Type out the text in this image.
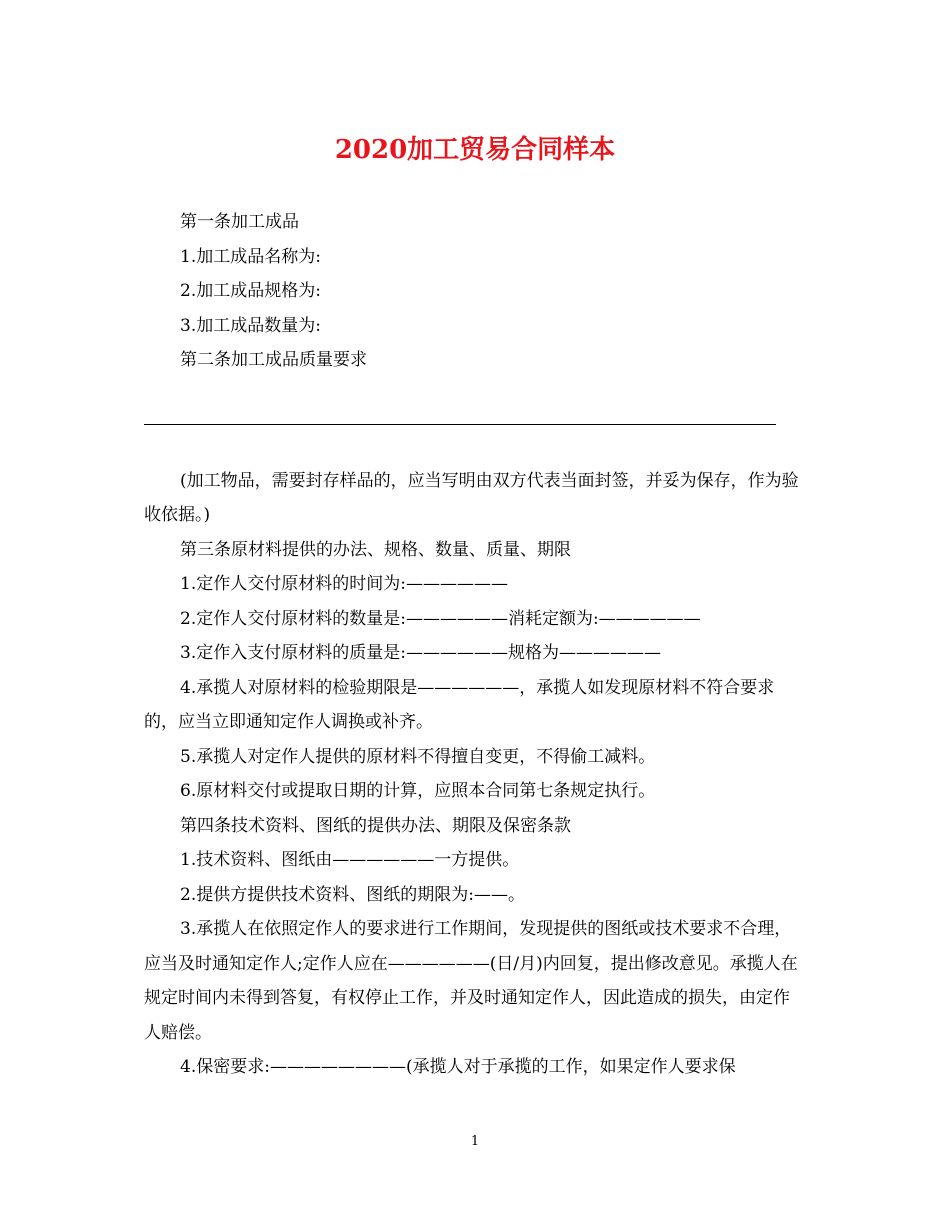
2020加工贸易合同样本

第一条加工成品

1.加工成品名称为:

2.加工成品规格为:

3.加工成品数量为:

第二条加工成品质量要求

(加工物品，需要封存样品的，应当写明由双方代表当面封签，并妥为保存，作为验收依据。)

第三条原材料提供的办法、规格、数量、质量、期限

1.定作人交付原材料的时间为:——————

2.定作人交付原材料的数量是:——————消耗定额为:——————

3.定作入支付原材料的质量是:——————规格为——————

4.承揽人对原材料的检验期限是——————，承揽人如发现原材料不符合要求的，应当立即通知定作人调换或补齐。

5.承揽人对定作人提供的原材料不得擅自变更，不得偷工减料。

6.原材料交付或提取日期的计算，应照本合同第七条规定执行。

第四条技术资料、图纸的提供办法、期限及保密条款

1.技术资料、图纸由——————一方提供。

2.提供方提供技术资料、图纸的期限为:——。

3.承揽人在依照定作人的要求进行工作期间，发现提供的图纸或技术要求不合理，应当及时通知定作人;定作人应在——————(日/月)内回复，提出修改意见。承揽人在规定时间内未得到答复，有权停止工作，并及时通知定作人，因此造成的损失，由定作人赔偿。

4.保密要求:————————(承揽人对于承揽的工作，如果定作人要求保

1
